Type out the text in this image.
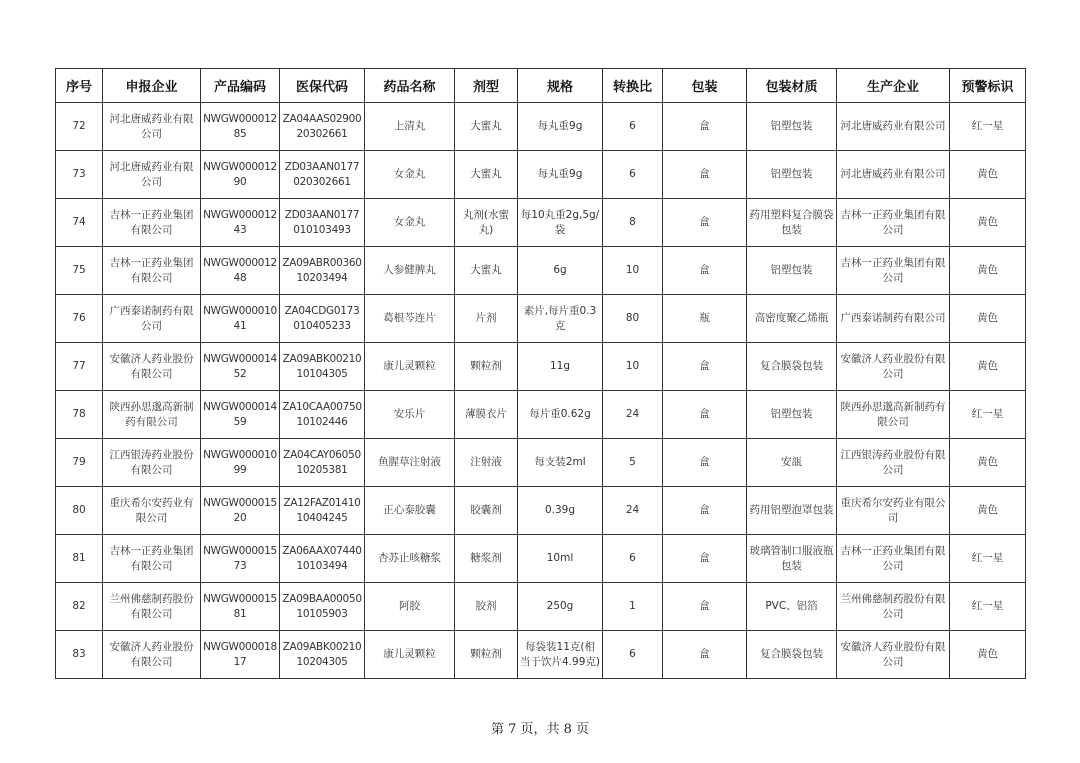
序号	申报企业	产品编码	医保代码	药品名称	剂型	规格	转换比	包装	包装材质	生产企业	预警标识
72	河北唐威药业有限公司	NWGW00001285	ZA04AAS0290020302661	上清丸	大蜜丸	每丸重9g	6	盒	铝塑包装	河北唐威药业有限公司	红一星
73	河北唐威药业有限公司	NWGW00001290	ZD03AAN0177020302661	女金丸	大蜜丸	每丸重9g	6	盒	铝塑包装	河北唐威药业有限公司	黄色
74	吉林一正药业集团有限公司	NWGW00001243	ZD03AAN0177010103493	女金丸	丸剂(水蜜丸)	每10丸重2g,5g/袋	8	盒	药用塑料复合膜袋包装	吉林一正药业集团有限公司	黄色
75	吉林一正药业集团有限公司	NWGW00001248	ZA09ABR0036010203494	人参健脾丸	大蜜丸	6g	10	盒	铝塑包装	吉林一正药业集团有限公司	黄色
76	广西泰诺制药有限公司	NWGW00001041	ZA04CDG0173010405233	葛根芩连片	片剂	素片,每片重0.3克	80	瓶	高密度聚乙烯瓶	广西泰诺制药有限公司	黄色
77	安徽济人药业股份有限公司	NWGW00001452	ZA09ABK0021010104305	康儿灵颗粒	颗粒剂	11g	10	盒	复合膜袋包装	安徽济人药业股份有限公司	黄色
78	陕西孙思邈高新制药有限公司	NWGW00001459	ZA10CAA0075010102446	安乐片	薄膜衣片	每片重0.62g	24	盒	铝塑包装	陕西孙思邈高新制药有限公司	红一星
79	江西银涛药业股份有限公司	NWGW00001099	ZA04CAY0605010205381	鱼腥草注射液	注射液	每支装2ml	5	盒	安瓿	江西银涛药业股份有限公司	黄色
80	重庆希尔安药业有限公司	NWGW00001520	ZA12FAZ0141010404245	正心泰胶囊	胶囊剂	0.39g	24	盒	药用铝塑泡罩包装	重庆希尔安药业有限公司	黄色
81	吉林一正药业集团有限公司	NWGW00001573	ZA06AAX0744010103494	杏苏止咳糖浆	糖浆剂	10ml	6	盒	玻璃管制口服液瓶包装	吉林一正药业集团有限公司	红一星
82	兰州佛慈制药股份有限公司	NWGW00001581	ZA09BAA0005010105903	阿胶	胶剂	250g	1	盒	PVC、铝箔	兰州佛慈制药股份有限公司	红一星
83	安徽济人药业股份有限公司	NWGW00001817	ZA09ABK0021010204305	康儿灵颗粒	颗粒剂	每袋装11克(相当于饮片4.99克)	6	盒	复合膜袋包装	安徽济人药业股份有限公司	黄色
第 7 页，共 8 页
